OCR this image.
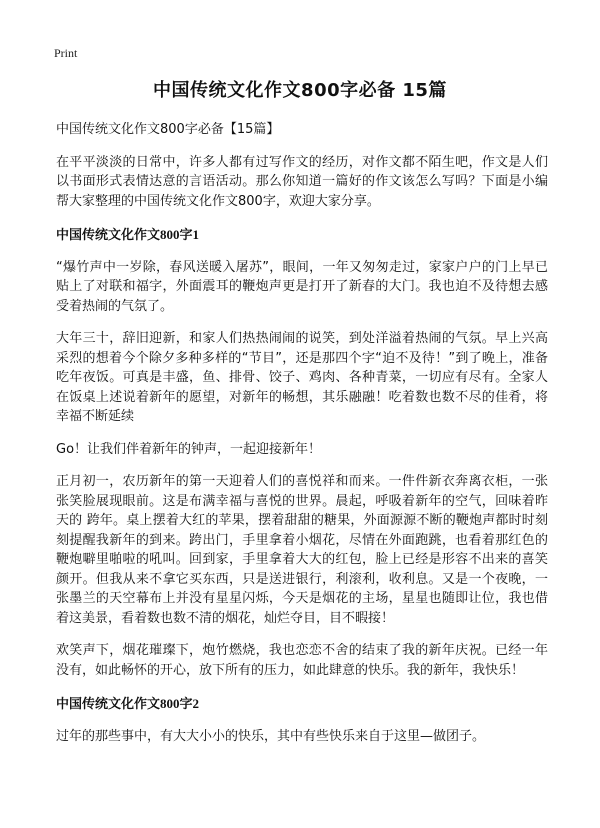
Print
中国传统文化作文800字必备 15篇

中国传统文化作文800字必备【15篇】

在平平淡淡的日常中，许多人都有过写作文的经历，对作文都不陌生吧，作文是人们以书面形式表情达意的言语活动。那么你知道一篇好的作文该怎么写吗？下面是小编帮大家整理的中国传统文化作文800字，欢迎大家分享。

中国传统文化作文800字1

“爆竹声中一岁除，春风送暖入屠苏”，眼间，一年又匆匆走过，家家户户的门上早已贴上了对联和福字，外面震耳的鞭炮声更是打开了新春的大门。我也迫不及待想去感受着热闹的气氛了。

大年三十，辞旧迎新，和家人们热热闹闹的说笑，到处洋溢着热闹的气氛。早上兴高采烈的想着今个除夕多种多样的“节目”，还是那四个字“迫不及待！”到了晚上，准备吃年夜饭。可真是丰盛，鱼、排骨、饺子、鸡肉、各种青菜，一切应有尽有。全家人在饭桌上述说着新年的愿望，对新年的畅想，其乐融融！吃着数也数不尽的佳肴，将幸福不断延续

Go！让我们伴着新年的钟声，一起迎接新年！

正月初一，农历新年的第一天迎着人们的喜悦祥和而来。一件件新衣奔离衣柜，一张张笑脸展现眼前。这是布满幸福与喜悦的世界。晨起，呼吸着新年的空气，回味着昨天的 跨年。桌上摆着大红的苹果，摆着甜甜的糖果，外面源源不断的鞭炮声都时时刻刻提醒我新年的到来。跨出门，手里拿着小烟花，尽情在外面跑跳，也看着那红色的鞭炮噼里啪啦的吼叫。回到家，手里拿着大大的红包，脸上已经是形容不出来的喜笑颜开。但我从来不拿它买东西，只是送进银行，利滚利，收利息。又是一个夜晚，一张墨兰的天空幕布上并没有星星闪烁，今天是烟花的主场，星星也随即让位，我也借着这美景，看着数也数不清的烟花，灿烂夺目，目不暇接！

欢笑声下，烟花璀璨下，炮竹燃烧，我也恋恋不舍的结束了我的新年庆祝。已经一年没有，如此畅怀的开心，放下所有的压力，如此肆意的快乐。我的新年，我快乐！

中国传统文化作文800字2

过年的那些事中，有大大小小的快乐，其中有些快乐来自于这里—做团子。
